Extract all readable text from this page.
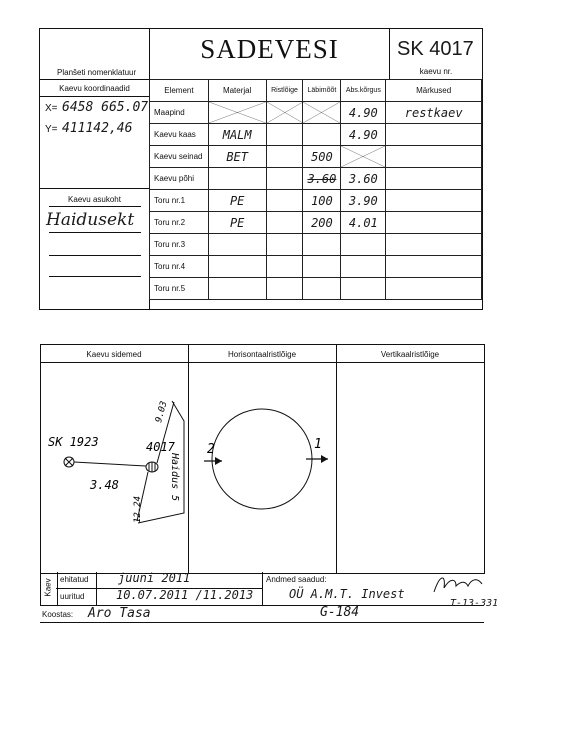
SADEVESI	SK 4017
kaevu nr.
Planšeti nomenklatuur
Kaevu koordinaadid
X= 6458 665.07
Y= 411142,46
Kaevu asukoht
Haidusekt
Element	Materjal	Ristlõige	Läbimõõt	Abs.kõrgus	Märkused
Maapind				4.90	restkaev
Kaevu kaas	MALM			4.90	
Kaevu seinad	BET		500	

Kaevu põhi			3.60	3.60	
Toru nr.1	PE		100	3.90	
Toru nr.2	PE		200	4.01	
Toru nr.3					
Toru nr.4					
Toru nr.5					
Kaevu sidemed	Horisontaalristlõige	Vertikaalristlõige
SK 1923	4017
3.48
9.03
12.24
Haidus 5
2	1
Kaev ehitatud juuni 2011
uuritud	10.07.2011 /11.2013
Andmed saadud:
OÜ A.M.T. Invest
T-13-331
Koostas: Aro Tasa	G-184
